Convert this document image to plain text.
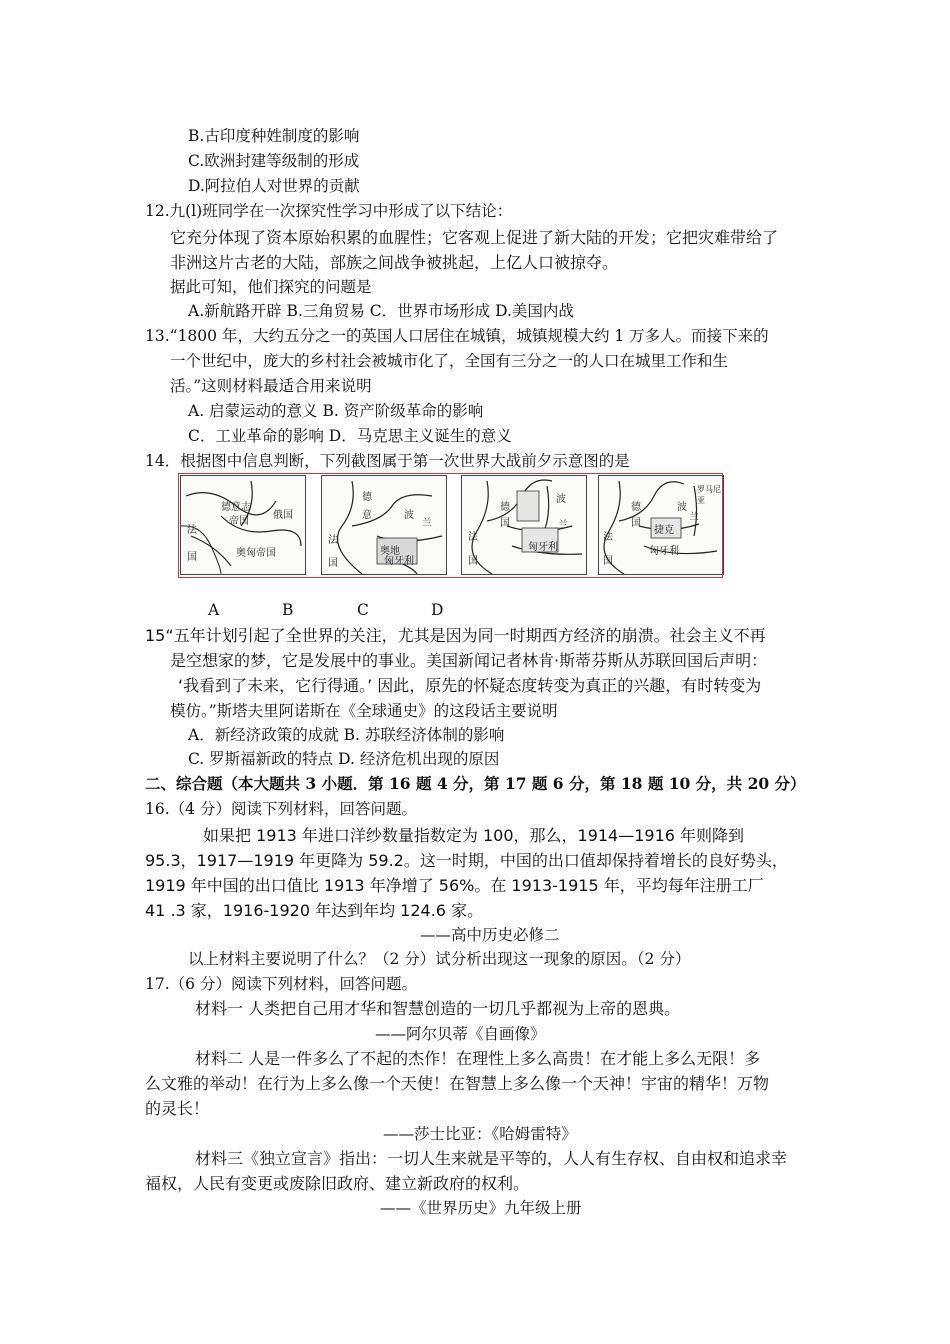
B.古印度种姓制度的影响
C.欧洲封建等级制的形成
D.阿拉伯人对世界的贡献
12.九(l)班同学在一次探究性学习中形成了以下结论：
它充分体现了资本原始积累的血腥性；它客观上促进了新大陆的开发；它把灾难带给了
非洲这片古老的大陆，部族之间战争被挑起，上亿人口被掠夺。
据此可知，他们探究的问题是
A.新航路开辟 B.三角贸易 C．世界市场形成 D.美国内战
13.“1800 年，大约五分之一的英国人口居住在城镇，城镇规模大约 1 万多人。而接下来的
一个世纪中，庞大的乡村社会被城市化了，全国有三分之一的人口在城里工作和生
活。”这则材料最适合用来说明
A. 启蒙运动的意义 B. 资产阶级革命的影响
C．工业革命的影响 D．马克思主义诞生的意义
14．根据图中信息判断，下列截图属于第一次世界大战前夕示意图的是
德意志
帝国
俄国
法
国	奥匈帝国
德
意	波
兰
法
国
奥地
匈牙利
波
兰
德
国
法
国
匈牙利
德
国
波
兰
法
国
捷克
匈牙利
罗马尼亚
A	B	C	D
15“五年计划引起了全世界的关注，尤其是因为同一时期西方经济的崩溃。社会主义不再
是空想家的梦，它是发展中的事业。美国新闻记者林肯·斯蒂芬斯从苏联回国后声明：
‘我看到了未来，它行得通。’ 因此，原先的怀疑态度转变为真正的兴趣，有时转变为
模仿。”斯塔夫里阿诺斯在《全球通史》的这段话主要说明
A．新经济政策的成就 B. 苏联经济体制的影响
C. 罗斯福新政的特点 D. 经济危机出现的原因
二、综合题（本大题共 3 小题．第 16 题 4 分，第 17 题 6 分，第 18 题 10 分，共 20 分）
16.（4 分）阅读下列材料，回答问题。
如果把 1913 年进口洋纱数量指数定为 100，那么，1914—1916 年则降到
95.3，1917—1919 年更降为 59.2。这一时期，中国的出口值却保持着增长的良好势头，
1919 年中国的出口值比 1913 年净增了 56%。在 1913-1915 年，平均每年注册工厂
41 .3 家，1916-1920 年达到年均 124.6 家。
——高中历史必修二
以上材料主要说明了什么？（2 分）试分析出现这一现象的原因。（2 分）
17.（6 分）阅读下列材料，回答问题。
材料一 人类把自己用才华和智慧创造的一切几乎都视为上帝的恩典。
——阿尔贝蒂《自画像》
材料二 人是一件多么了不起的杰作！在理性上多么高贵！在才能上多么无限！多
么文雅的举动！在行为上多么像一个天使！在智慧上多么像一个天神！宇宙的精华！万物
的灵长！
——莎士比亚：《哈姆雷特》
材料三《独立宣言》指出：一切人生来就是平等的，人人有生存权、自由权和追求幸
福权，人民有变更或废除旧政府、建立新政府的权利。
——《世界历史》九年级上册
